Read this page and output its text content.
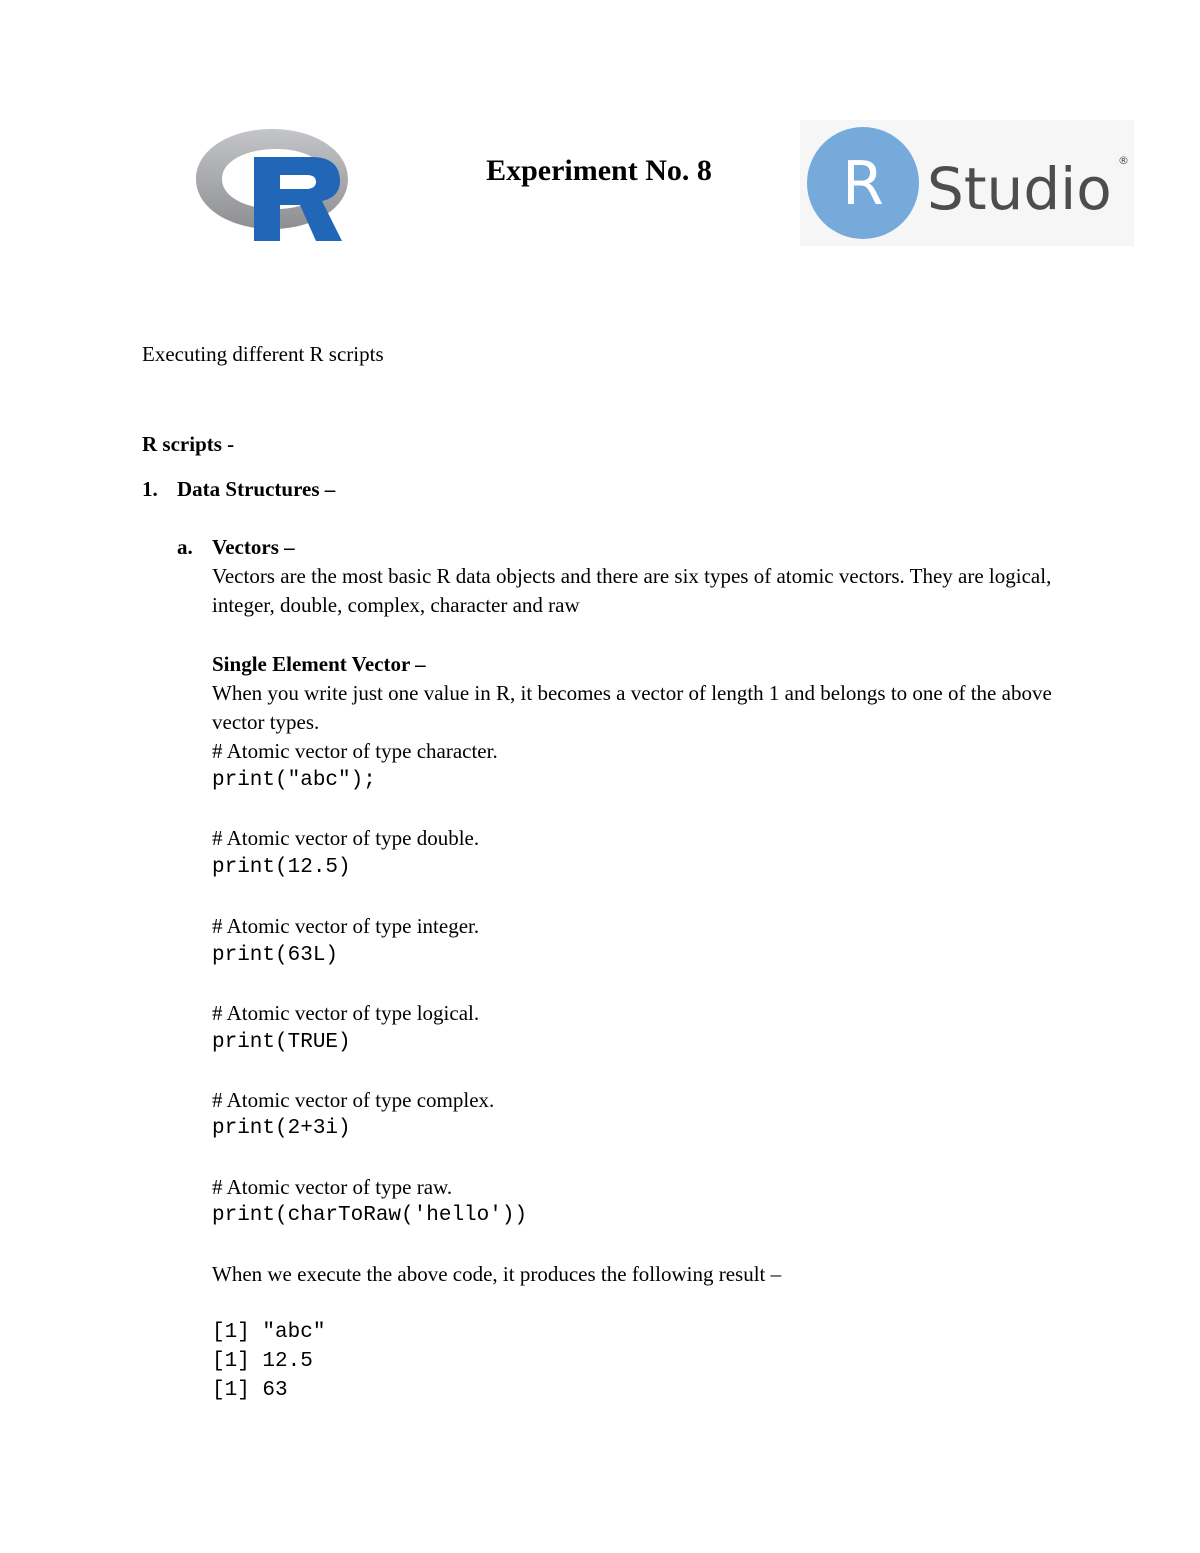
Experiment No. 8	R Studio ®
Executing different R scripts
R scripts -
1. Data Structures –
a. Vectors –
Vectors are the most basic R data objects and there are six types of atomic vectors. They are logical, integer, double, complex, character and raw
Single Element Vector –
When you write just one value in R, it becomes a vector of length 1 and belongs to one of the above vector types.
# Atomic vector of type character.
print("abc");
# Atomic vector of type double.
print(12.5)
# Atomic vector of type integer.
print(63L)
# Atomic vector of type logical.
print(TRUE)
# Atomic vector of type complex.
print(2+3i)
# Atomic vector of type raw.
print(charToRaw('hello'))
When we execute the above code, it produces the following result –
[1] "abc"
[1] 12.5
[1] 63
